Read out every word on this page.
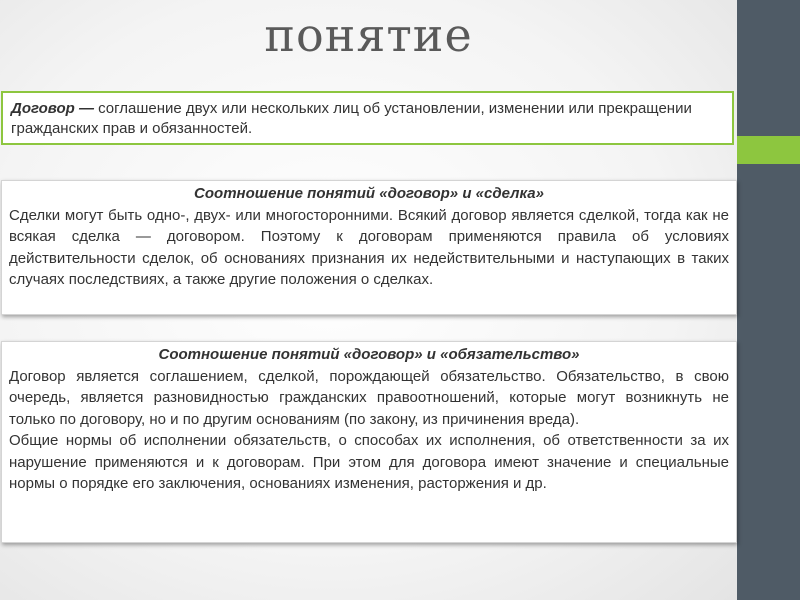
понятие
Договор — соглашение двух или нескольких лиц об установлении, изменении или прекращении гражданских прав и обязанностей.
Соотношение понятий «договор» и «сделка»

Сделки могут быть одно-, двух- или многосторонними. Всякий договор является сделкой, тогда как не всякая сделка — договором. Поэтому к договорам применяются правила об условиях действительности сделок, об основаниях признания их недействительными и наступающих в таких случаях последствиях, а также другие положения о сделках.

Соотношение понятий «договор» и «обязательство»

Договор является соглашением, сделкой, порождающей обязательство. Обязательство, в свою очередь, является разновидностью гражданских правоотношений, которые могут возникнуть не только по договору, но и по другим основаниям (по закону, из причинения вреда).

Общие нормы об исполнении обязательств, о способах их исполнения, об ответственности за их нарушение применяются и к договорам. При этом для договора имеют значение и специальные нормы о порядке его заключения, основаниях изменения, расторжения и др.
